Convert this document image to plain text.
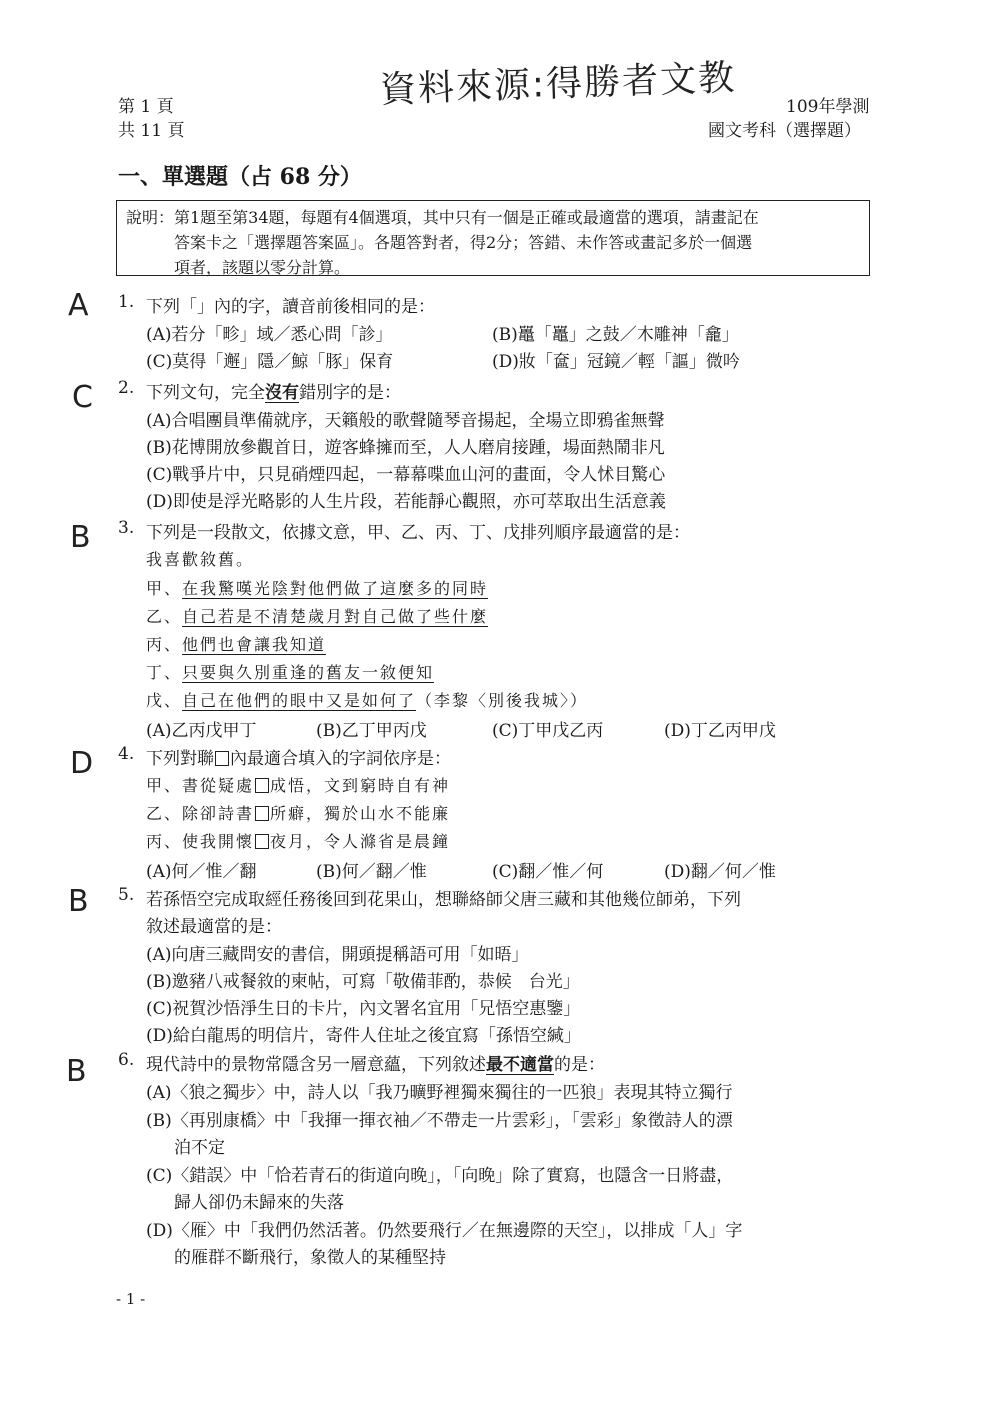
第 1 頁
共 11 頁
資料來源:得勝者文教	109年學測
國文考科（選擇題）
一、單選題（占 68 分）
說明：第1題至第34題，每題有4個選項，其中只有一個是正確或最適當的選項，請畫記在
答案卡之「選擇題答案區」。各題答對者，得2分；答錯、未作答或畫記多於一個選
項者，該題以零分計算。
A 1. 下列「」內的字，讀音前後相同的是：
(A)若分「畛」域／悉心問「診」	(B)鼉「鼉」之鼓／木雕神「龕」
(C)莫得「邂」隱／鯨「豚」保育	(D)妝「奩」冠鏡／輕「謳」微吟
C 2. 下列文句，完全沒有錯別字的是：
(A)合唱團員準備就序，天籟般的歌聲隨琴音揚起，全場立即鴉雀無聲
(B)花博開放參觀首日，遊客蜂擁而至，人人磨肩接踵，場面熱鬧非凡
(C)戰爭片中，只見硝煙四起，一幕幕喋血山河的畫面，令人怵目驚心
(D)即使是浮光略影的人生片段，若能靜心觀照，亦可萃取出生活意義
B 3. 下列是一段散文，依據文意，甲、乙、丙、丁、戊排列順序最適當的是：
我喜歡敘舊。
甲、在我驚嘆光陰對他們做了這麼多的同時
乙、自己若是不清楚歲月對自己做了些什麼
丙、他們也會讓我知道
丁、只要與久別重逢的舊友一敘便知
戊、自己在他們的眼中又是如何了（李黎〈別後我城〉）
(A)乙丙戊甲丁	(B)乙丁甲丙戊	(C)丁甲戊乙丙	(D)丁乙丙甲戊
D 4. 下列對聯 內最適合填入的字詞依序是：
甲、書從疑處 成悟，文到窮時自有神
乙、除卻詩書 所癖，獨於山水不能廉
丙、使我開懷 夜月，令人滌省是晨鐘
(A)何／惟／翻	(B)何／翻／惟	(C)翻／惟／何	(D)翻／何／惟
B 5. 若孫悟空完成取經任務後回到花果山，想聯絡師父唐三藏和其他幾位師弟，下列
敘述最適當的是：
(A)向唐三藏問安的書信，開頭提稱語可用「如晤」
(B)邀豬八戒餐敘的柬帖，可寫「敬備菲酌，恭候　台光」
(C)祝賀沙悟淨生日的卡片，內文署名宜用「兄悟空惠鑒」
(D)給白龍馬的明信片，寄件人住址之後宜寫「孫悟空緘」
B 6. 現代詩中的景物常隱含另一層意蘊，下列敘述最不適當的是：
(A)〈狼之獨步〉中，詩人以「我乃曠野裡獨來獨往的一匹狼」表現其特立獨行
(B)〈再別康橋〉中「我揮一揮衣袖／不帶走一片雲彩」，「雲彩」象徵詩人的漂
泊不定
(C)〈錯誤〉中「恰若青石的街道向晚」，「向晚」除了實寫，也隱含一日將盡，
歸人卻仍未歸來的失落
(D)〈雁〉中「我們仍然活著。仍然要飛行／在無邊際的天空」，以排成「人」字
的雁群不斷飛行，象徵人的某種堅持
- 1 -
